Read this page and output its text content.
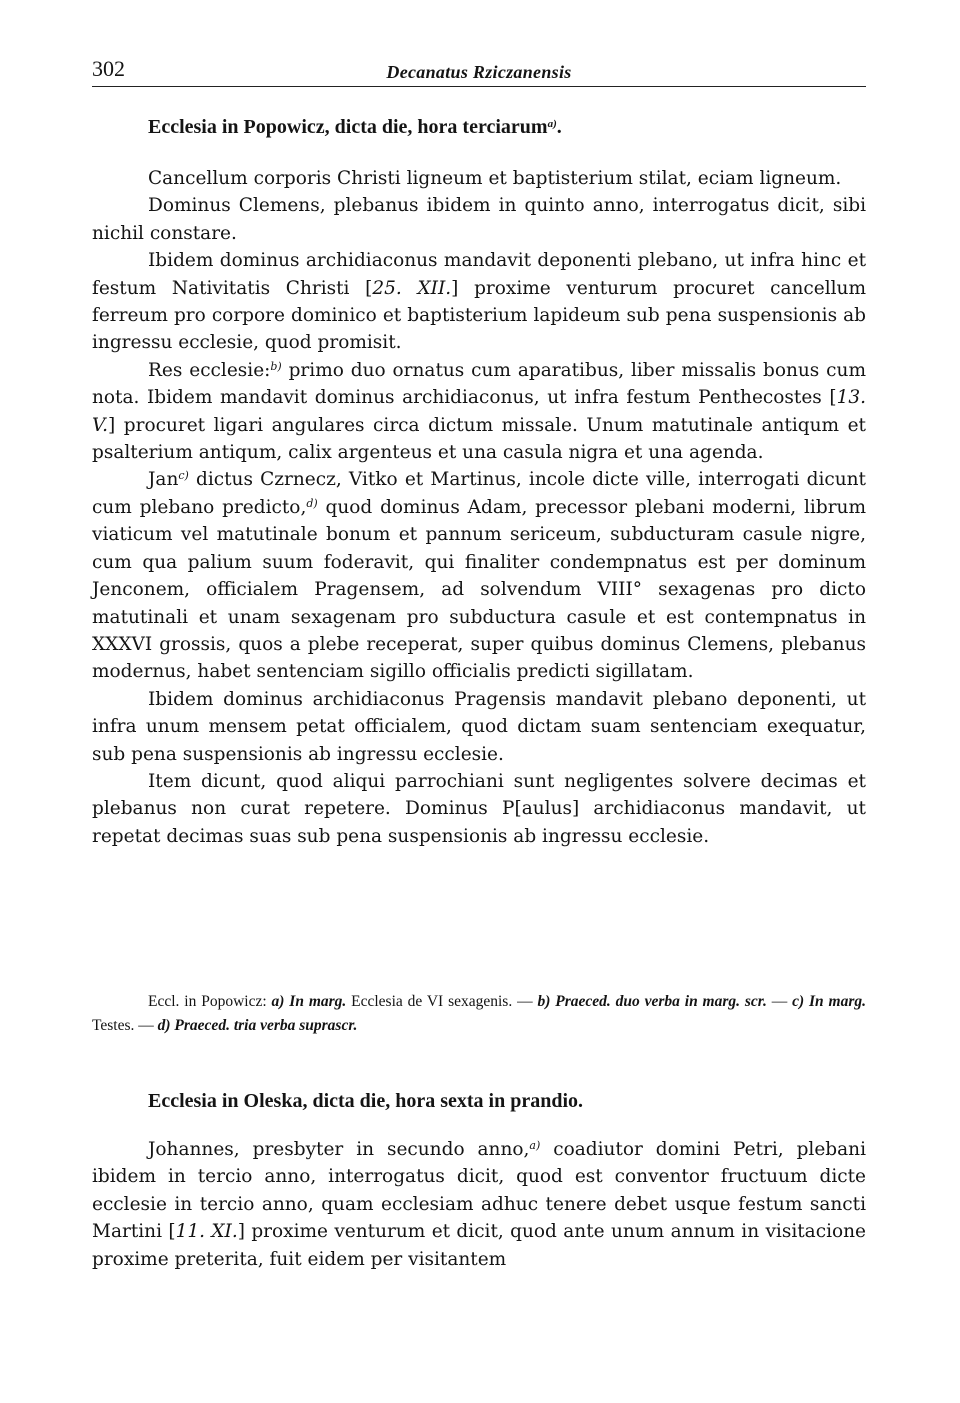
302	Decanatus Rziczanensis
Ecclesia in Popowicz, dicta die, hora terciarum$^{a)}$.

Cancellum corporis Christi ligneum et baptisterium stilat, eciam ligneum.

Dominus Clemens, plebanus ibidem in quinto anno, interrogatus dicit, sibi nichil constare.

Ibidem dominus archidiaconus mandavit deponenti plebano, ut infra hinc et festum Nativitatis Christi [25. XII.] proxime venturum procuret cancellum ferreum pro corpore dominico et baptisterium lapideum sub pena suspensionis ab ingressu ecclesie, quod promisit.

Res ecclesie:$^{b)}$ primo duo ornatus cum aparatibus, liber missalis bonus cum nota. Ibidem mandavit dominus archidiaconus, ut infra festum Penthecostes [13. V.] procuret ligari angulares circa dictum missale. Unum matutinale antiqum et psalterium antiqum, calix argenteus et una casula nigra et una agenda.

Jan$^{c)}$ dictus Czrnecz, Vitko et Martinus, incole dicte ville, interrogati dicunt cum plebano predicto,$^{d)}$ quod dominus Adam, precessor plebani moderni, librum viaticum vel matutinale bonum et pannum sericeum, subducturam casule nigre, cum qua palium suum foderavit, qui finaliter condempnatus est per dominum Jenconem, officialem Pragensem, ad solvendum VIII° sexagenas pro dicto matutinali et unam sexagenam pro subductura casule et est contempnatus in XXXVI grossis, quos a plebe receperat, super quibus dominus Clemens, plebanus modernus, habet sentenciam sigillo officialis predicti sigillatam.

Ibidem dominus archidiaconus Pragensis mandavit plebano deponenti, ut infra unum mensem petat officialem, quod dictam suam sentenciam exequatur, sub pena suspensionis ab ingressu ecclesie.

Item dicunt, quod aliqui parrochiani sunt negligentes solvere decimas et plebanus non curat repetere. Dominus P[aulus] archidiaconus mandavit, ut repetat decimas suas sub pena suspensionis ab ingressu ecclesie.

Eccl. in Popowicz: a) In marg. Ecclesia de VI sexagenis. — b) Praeced. duo verba in marg. scr. — c) In marg. Testes. — d) Praeced. tria verba suprascr.

Ecclesia in Oleska, dicta die, hora sexta in prandio.

Johannes, presbyter in secundo anno,$^{a)}$ coadiutor domini Petri, plebani ibidem in tercio anno, interrogatus dicit, quod est conventor fructuum dicte ecclesie in tercio anno, quam ecclesiam adhuc tenere debet usque festum sancti Martini [11. XI.] proxime venturum et dicit, quod ante unum annum in visitacione proxime preterita, fuit eidem per visitantem
